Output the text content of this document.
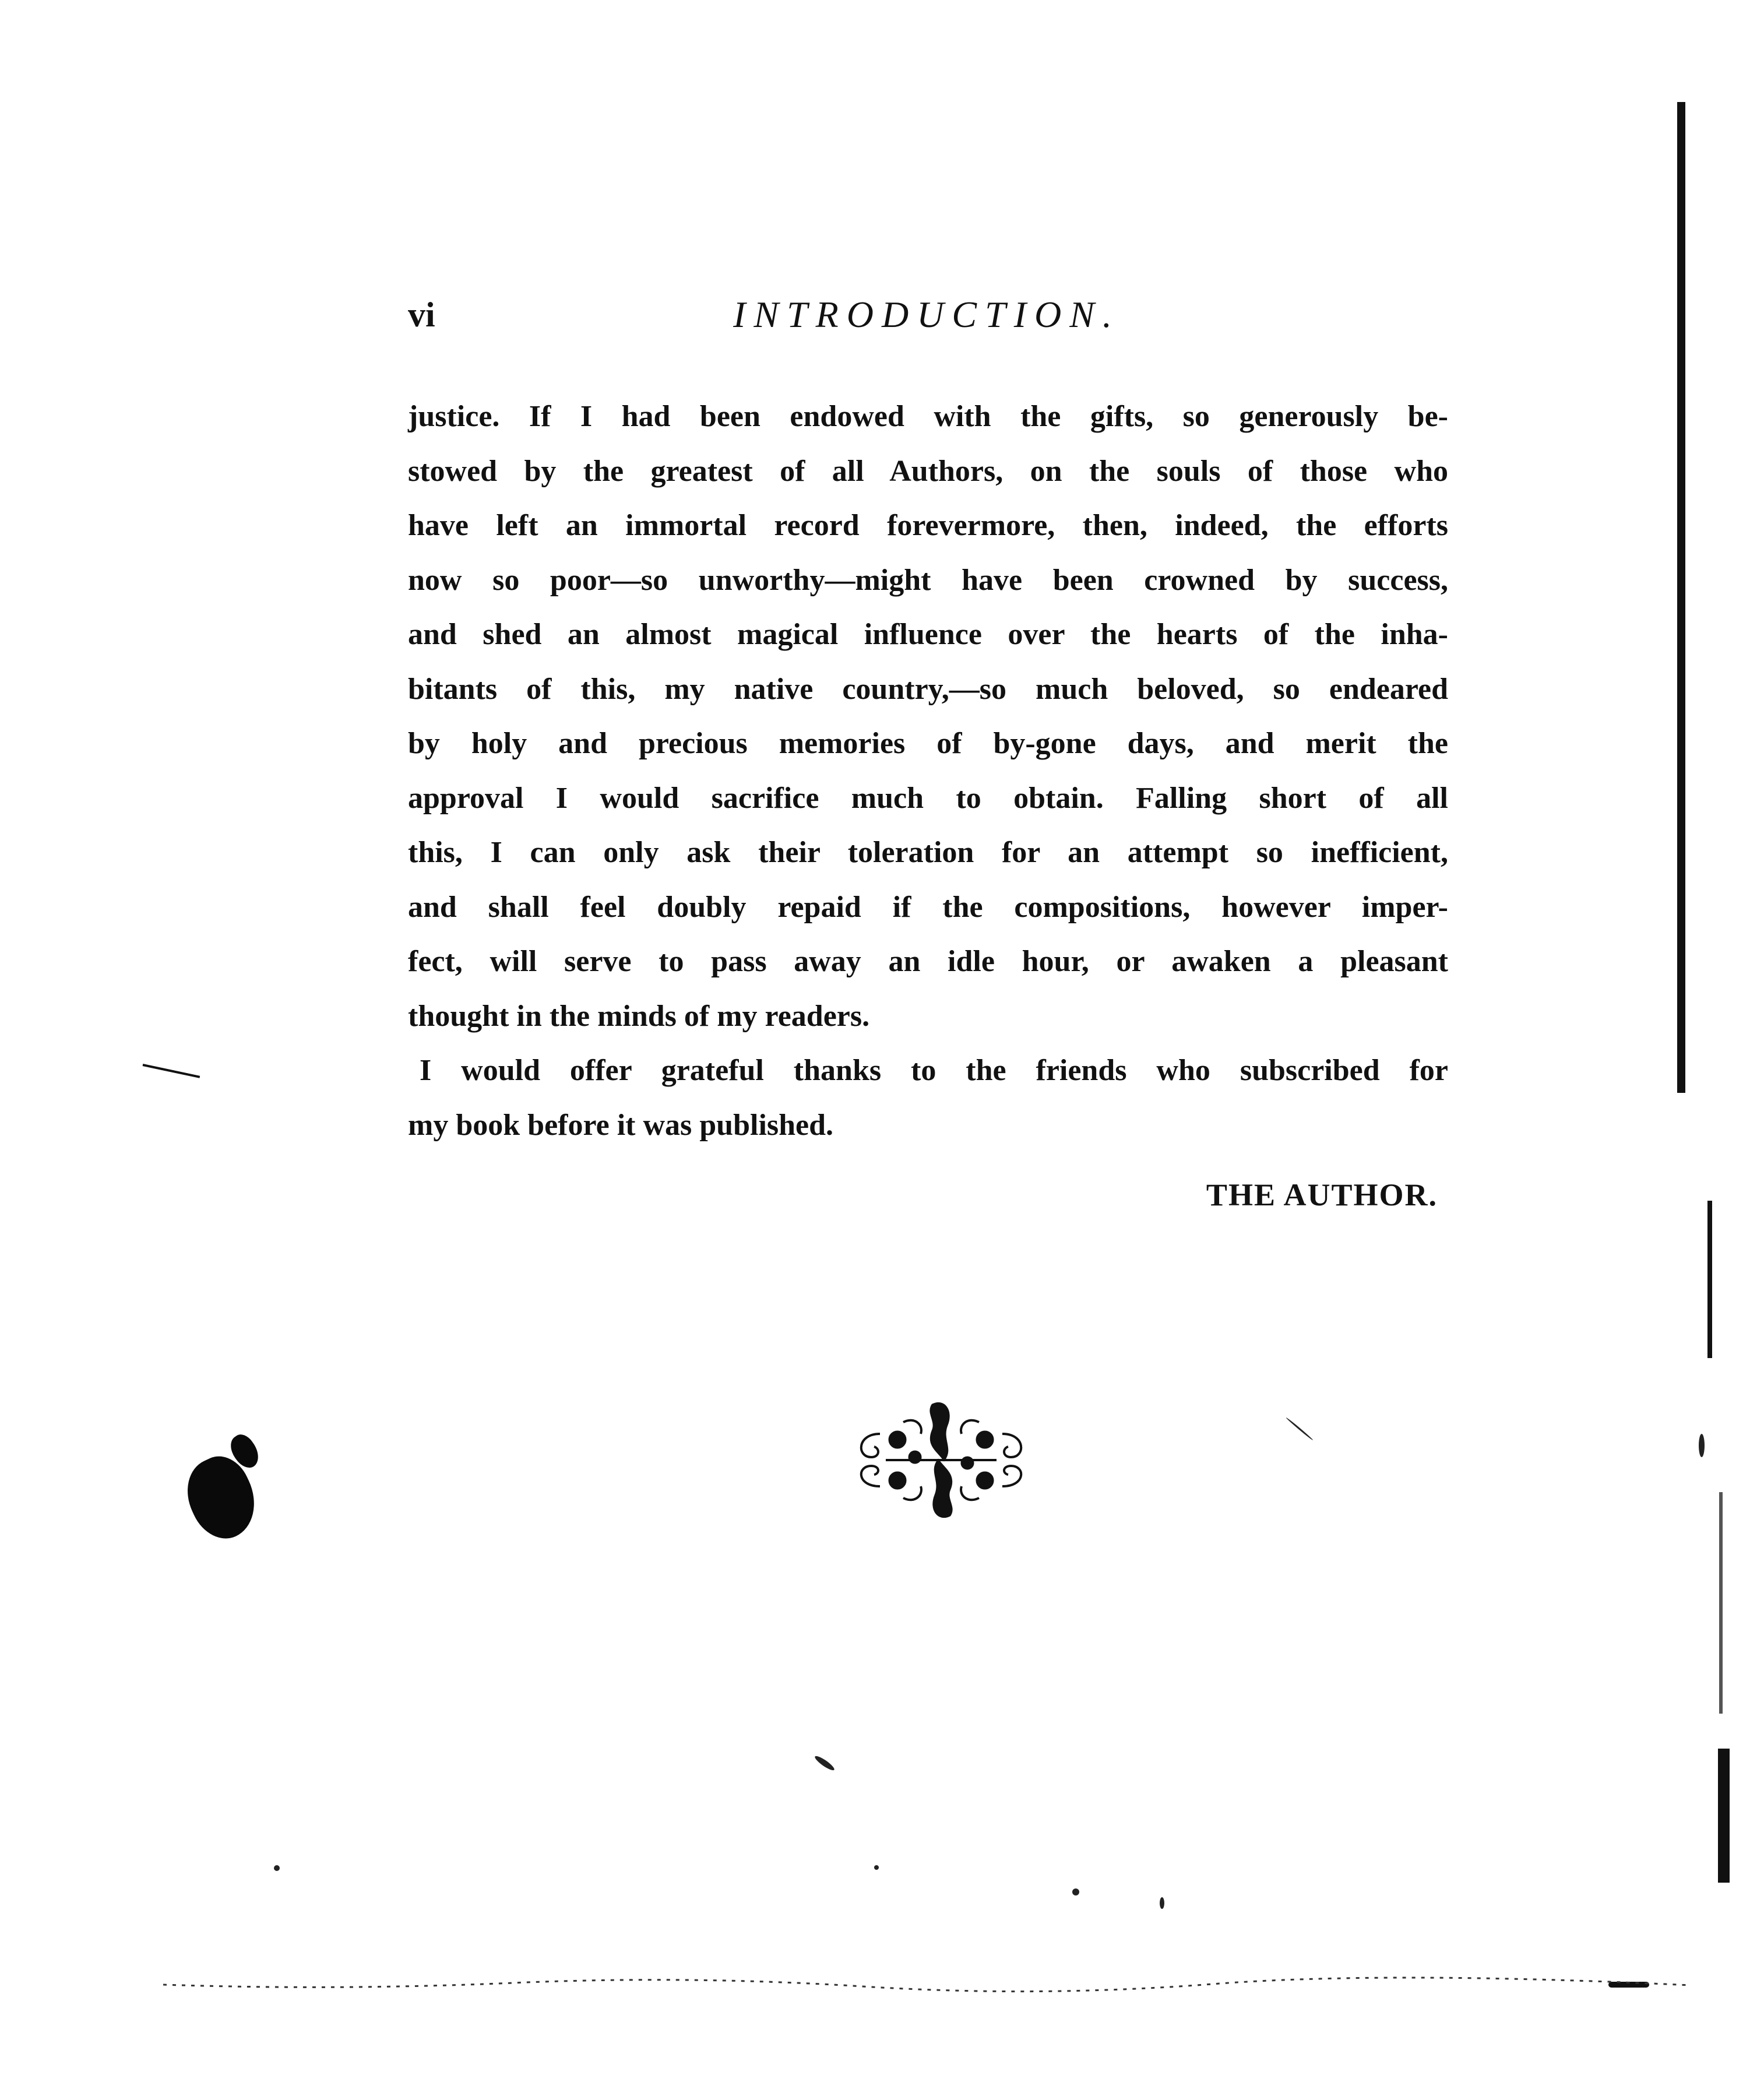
vi	INTRODUCTION.
justice. If I had been endowed with the gifts, so generously be-
stowed by the greatest of all Authors, on the souls of those who
have left an immortal record forevermore, then, indeed, the efforts
now so poor—so unworthy—might have been crowned by success,
and shed an almost magical influence over the hearts of the inha-
bitants of this, my native country,—so much beloved, so endeared
by holy and precious memories of by-gone days, and merit the
approval I would sacrifice much to obtain. Falling short of all
this, I can only ask their toleration for an attempt so inefficient,
and shall feel doubly repaid if the compositions, however imper-
fect, will serve to pass away an idle hour, or awaken a pleasant
thought in the minds of my readers.
I would offer grateful thanks to the friends who subscribed for
my book before it was published.
THE AUTHOR.
